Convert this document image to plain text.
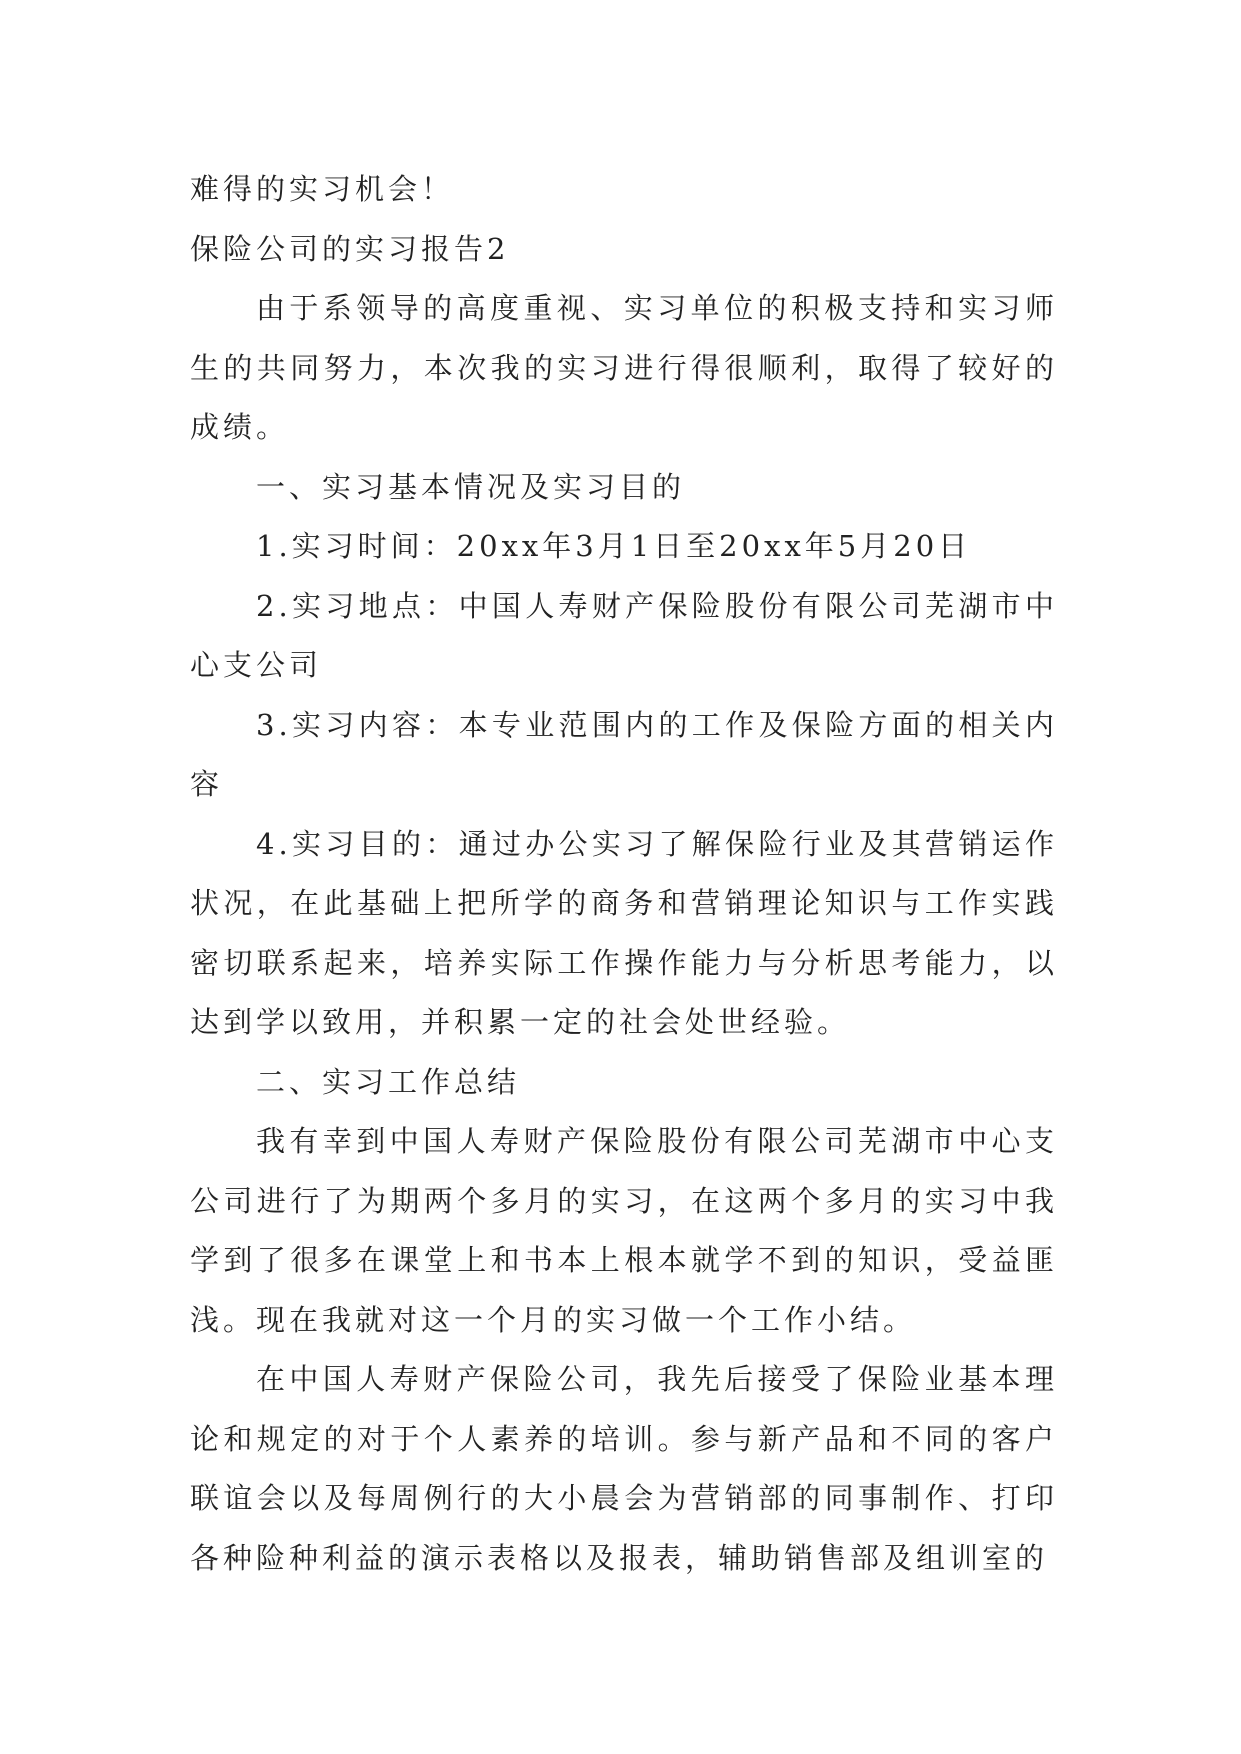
难得的实习机会！

保险公司的实习报告2

由于系领导的高度重视、实习单位的积极支持和实习师生的共同努力，本次我的实习进行得很顺利，取得了较好的成绩。

一、实习基本情况及实习目的

1.实习时间：20xx年3月1日至20xx年5月20日

2.实习地点：中国人寿财产保险股份有限公司芜湖市中心支公司

3.实习内容：本专业范围内的工作及保险方面的相关内容

4.实习目的：通过办公实习了解保险行业及其营销运作状况，在此基础上把所学的商务和营销理论知识与工作实践密切联系起来，培养实际工作操作能力与分析思考能力，以达到学以致用，并积累一定的社会处世经验。

二、实习工作总结

我有幸到中国人寿财产保险股份有限公司芜湖市中心支公司进行了为期两个多月的实习，在这两个多月的实习中我学到了很多在课堂上和书本上根本就学不到的知识，受益匪浅。现在我就对这一个月的实习做一个工作小结。

在中国人寿财产保险公司，我先后接受了保险业基本理论和规定的对于个人素养的培训。参与新产品和不同的客户联谊会以及每周例行的大小晨会为营销部的同事制作、打印各种险种利益的演示表格以及报表，辅助销售部及组训室的
